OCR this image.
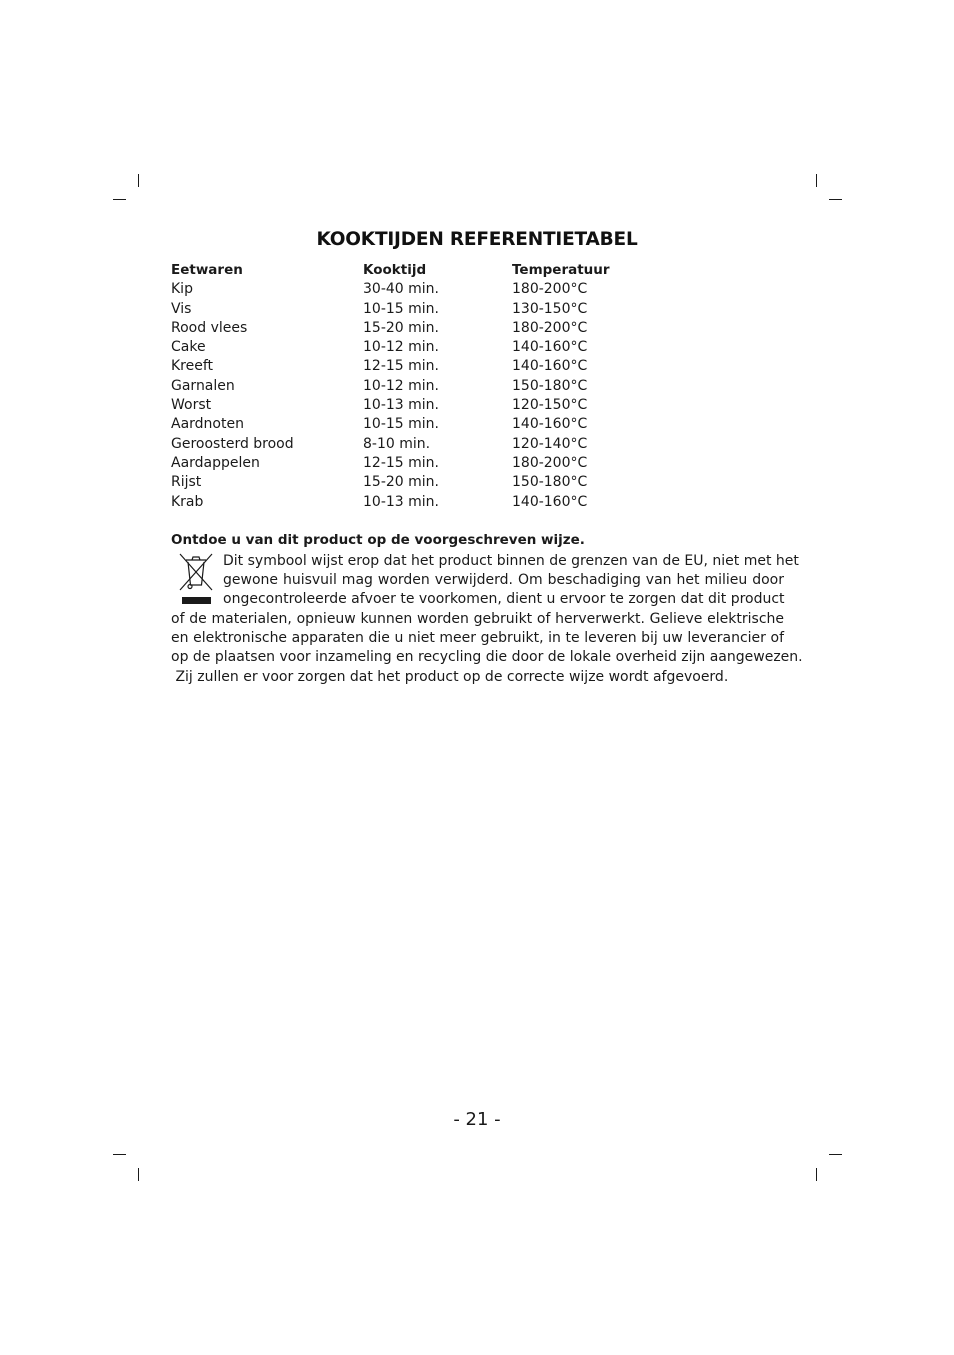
KOOKTIJDEN REFERENTIETABEL
Eetwaren	Kooktijd	Temperatuur
Kip	30-40 min.	180-200°C
Vis	10-15 min.	130-150°C
Rood vlees	15-20 min.	180-200°C
Cake	10-12 min.	140-160°C
Kreeft	12-15 min.	140-160°C
Garnalen	10-12 min.	150-180°C
Worst	10-13 min.	120-150°C
Aardnoten	10-15 min.	140-160°C
Geroosterd brood	8-10 min.	120-140°C
Aardappelen	12-15 min.	180-200°C
Rijst	15-20 min.	150-180°C
Krab	10-13 min.	140-160°C
Ontdoe u van dit product op de voorgeschreven wijze.
Dit symbool wijst erop dat het product binnen de grenzen van de EU, niet met het
gewone huisvuil mag worden verwijderd. Om beschadiging van het milieu door
ongecontroleerde afvoer te voorkomen, dient u ervoor te zorgen dat dit product
of de materialen, opnieuw kunnen worden gebruikt of herverwerkt. Gelieve elektrische
en elektronische apparaten die u niet meer gebruikt, in te leveren bij uw leverancier of
op de plaatsen voor inzameling en recycling die door de lokale overheid zijn aangewezen.
Zij zullen er voor zorgen dat het product op de correcte wijze wordt afgevoerd.
- 21 -
